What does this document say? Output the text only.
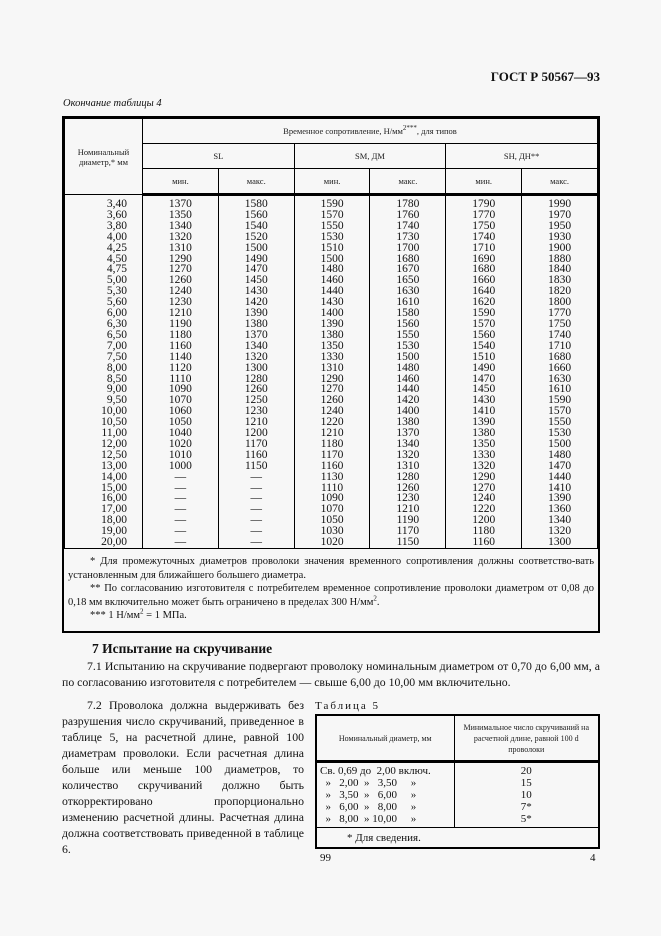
ГОСТ Р 50567—93
Окончание таблицы 4
Номинальный диаметр,* мм	Временное сопротивление, $Н/мм^{2***}$, для типов					
	SL		SM, ДМ		SH, ДН**	
	мин.	макс.	мин.	макс.	мин.	макс.
3,40	1370	1580	1590	1780	1790	1990
3,60	1350	1560	1570	1760	1770	1970
3,80	1340	1540	1550	1740	1750	1950
4,00	1320	1520	1530	1730	1740	1930
4,25	1310	1500	1510	1700	1710	1900
4,50	1290	1490	1500	1680	1690	1880
4,75	1270	1470	1480	1670	1680	1840
5,00	1260	1450	1460	1650	1660	1830
5,30	1240	1430	1440	1630	1640	1820
5,60	1230	1420	1430	1610	1620	1800
6,00	1210	1390	1400	1580	1590	1770
6,30	1190	1380	1390	1560	1570	1750
6,50	1180	1370	1380	1550	1560	1740
7,00	1160	1340	1350	1530	1540	1710
7,50	1140	1320	1330	1500	1510	1680
8,00	1120	1300	1310	1480	1490	1660
8,50	1110	1280	1290	1460	1470	1630
9,00	1090	1260	1270	1440	1450	1610
9,50	1070	1250	1260	1420	1430	1590
10,00	1060	1230	1240	1400	1410	1570
10,50	1050	1210	1220	1380	1390	1550
11,00	1040	1200	1210	1370	1380	1530
12,00	1020	1170	1180	1340	1350	1500
12,50	1010	1160	1170	1320	1330	1480
13,00	1000	1150	1160	1310	1320	1470
14,00	—	—	1130	1280	1290	1440
15,00	—	—	1110	1260	1270	1410
16,00	—	—	1090	1230	1240	1390
17,00	—	—	1070	1210	1220	1360
18,00	—	—	1050	1190	1200	1340
19,00	—	—	1030	1170	1180	1320
20,00	—	—	1020	1150	1160	1300

* Для промежуточных диаметров проволоки значения временного сопротивления должны соответство-вать установленным для ближайшего большего диаметра.

** По согласованию изготовителя с потребителем временное сопротивление проволоки диаметром от 0,08 до 0,18 мм включительно может быть ограничено в пределах 300 $Н/мм^2$.

*** 1 $Н/мм^2 = 1$ МПа.

7 Испытание на скручивание
7.1 Испытанию на скручивание подвергают проволоку номинальным диаметром от 0,70 до 6,00 мм, а по согласованию изготовителя с потребителем — свыше 6,00 до 10,00 мм включительно.
7.2 Проволока должна выдерживать без разрушения число скручиваний, приведенное в таблице 5, на расчетной длине, равной 100 диаметрам проволоки. Если расчетная длина больше или меньше 100 диаметров, то количество скручиваний должно быть откорректировано пропорционально изменению расчетной длины. Расчетная длина должна соответствовать приведенной в таблице 6.
Таблица 5
Номинальный диаметр, мм	Минимальное число скручиваний на расчетной длине, равной 100 d проволоки
Св. 0,69 до  2,00 включ.	20
»   2,00  »   3,50     »	15
»   3,50  »   6,00     »	10
»   6,00  »   8,00     »	7*
»   8,00  » 10,00     »	5*
* Для сведения.
99	4
